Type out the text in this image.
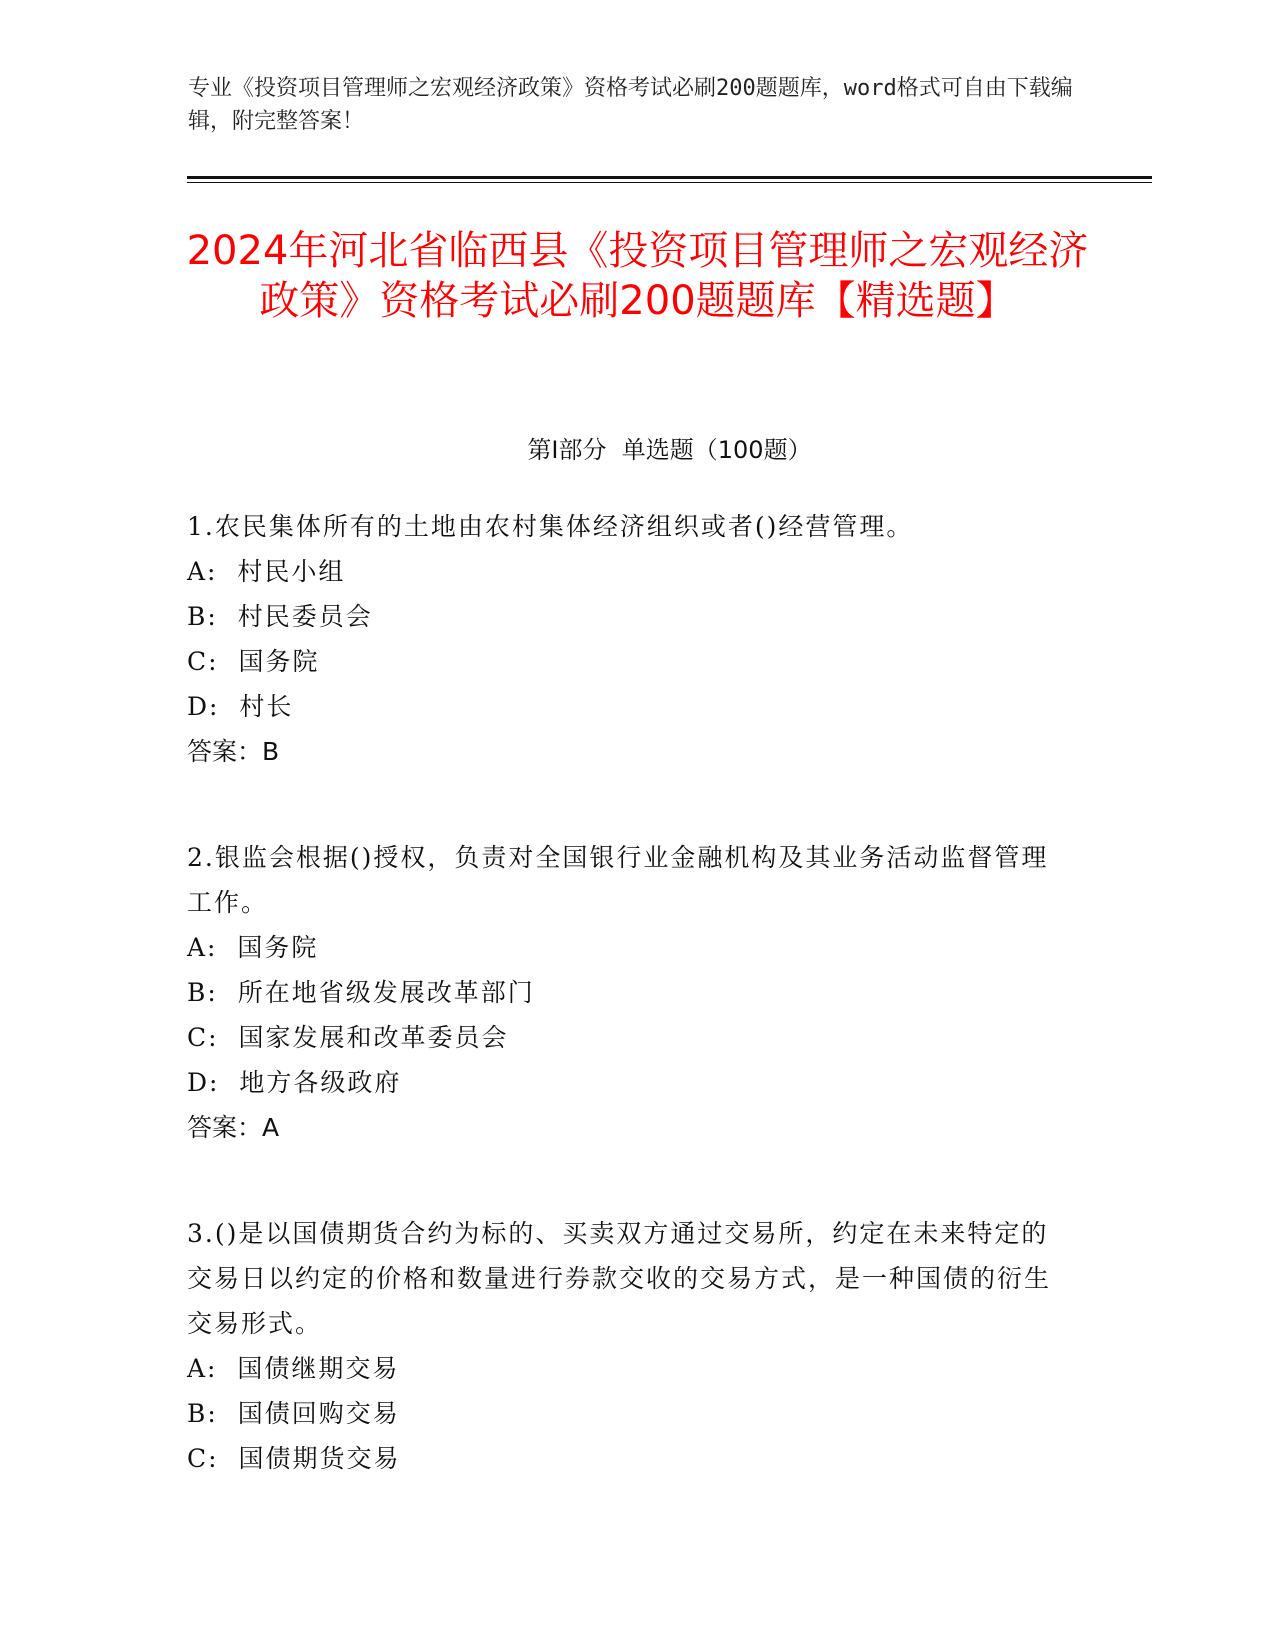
专业《投资项目管理师之宏观经济政策》资格考试必刷200题题库，word格式可自由下载编辑，附完整答案！
2024年河北省临西县《投资项目管理师之宏观经济政策》资格考试必刷200题题库【精选题】
第I部分 单选题（100题）

1.农民集体所有的土地由农村集体经济组织或者()经营管理。

A: 村民小组

B: 村民委员会

C: 国务院

D: 村长

答案：B

2.银监会根据()授权，负责对全国银行业金融机构及其业务活动监督管理工作。

A: 国务院

B: 所在地省级发展改革部门

C: 国家发展和改革委员会

D: 地方各级政府

答案：A

3.()是以国债期货合约为标的、买卖双方通过交易所，约定在未来特定的交易日以约定的价格和数量进行券款交收的交易方式，是一种国债的衍生交易形式。

A: 国债继期交易

B: 国债回购交易

C: 国债期货交易
